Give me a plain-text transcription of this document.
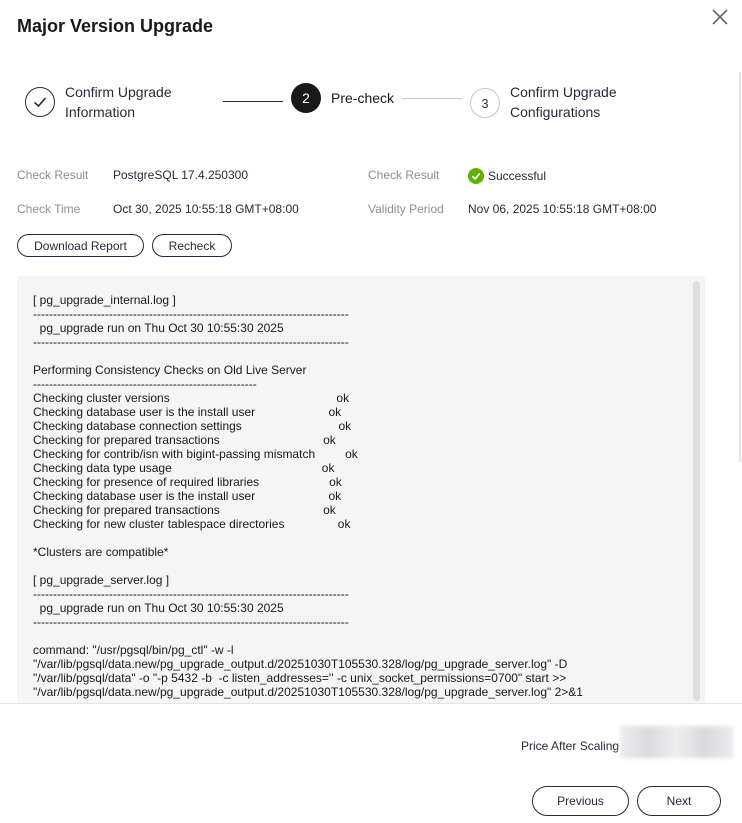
Major Version Upgrade
Confirm Upgrade
Information
2	Pre-check	3
Confirm Upgrade
Configurations
Check Result PostgreSQL 17.4.250300	Check Result	Successful
Check Time	Oct 30, 2025 10:55:18 GMT+08:00	Validity Period Nov 06, 2025 10:55:18 GMT+08:00
Download Report	Recheck
[ pg_upgrade_internal.log ]
-------------------------------------------------------------------------------
pg_upgrade run on Thu Oct 30 10:55:30 2025
-------------------------------------------------------------------------------

Performing Consistency Checks on Old Live Server
--------------------------------------------------------
Checking cluster versions                                                  ok
Checking database user is the install user                      ok
Checking database connection settings                             ok
Checking for prepared transactions                               ok
Checking for contrib/isn with bigint-passing mismatch         ok
Checking data type usage                                             ok
Checking for presence of required libraries                     ok
Checking database user is the install user                      ok
Checking for prepared transactions                               ok
Checking for new cluster tablespace directories                ok

*Clusters are compatible*

[ pg_upgrade_server.log ]
-------------------------------------------------------------------------------
pg_upgrade run on Thu Oct 30 10:55:30 2025
-------------------------------------------------------------------------------

command: "/usr/pgsql/bin/pg_ctl" -w -l
"/var/lib/pgsql/data.new/pg_upgrade_output.d/20251030T105530.328/log/pg_upgrade_server.log" -D
"/var/lib/pgsql/data" -o "-p 5432 -b  -c listen_addresses='' -c unix_socket_permissions=0700" start >>
"/var/lib/pgsql/data.new/pg_upgrade_output.d/20251030T105530.328/log/pg_upgrade_server.log" 2>&1
Price After Scaling
Previous	Next
